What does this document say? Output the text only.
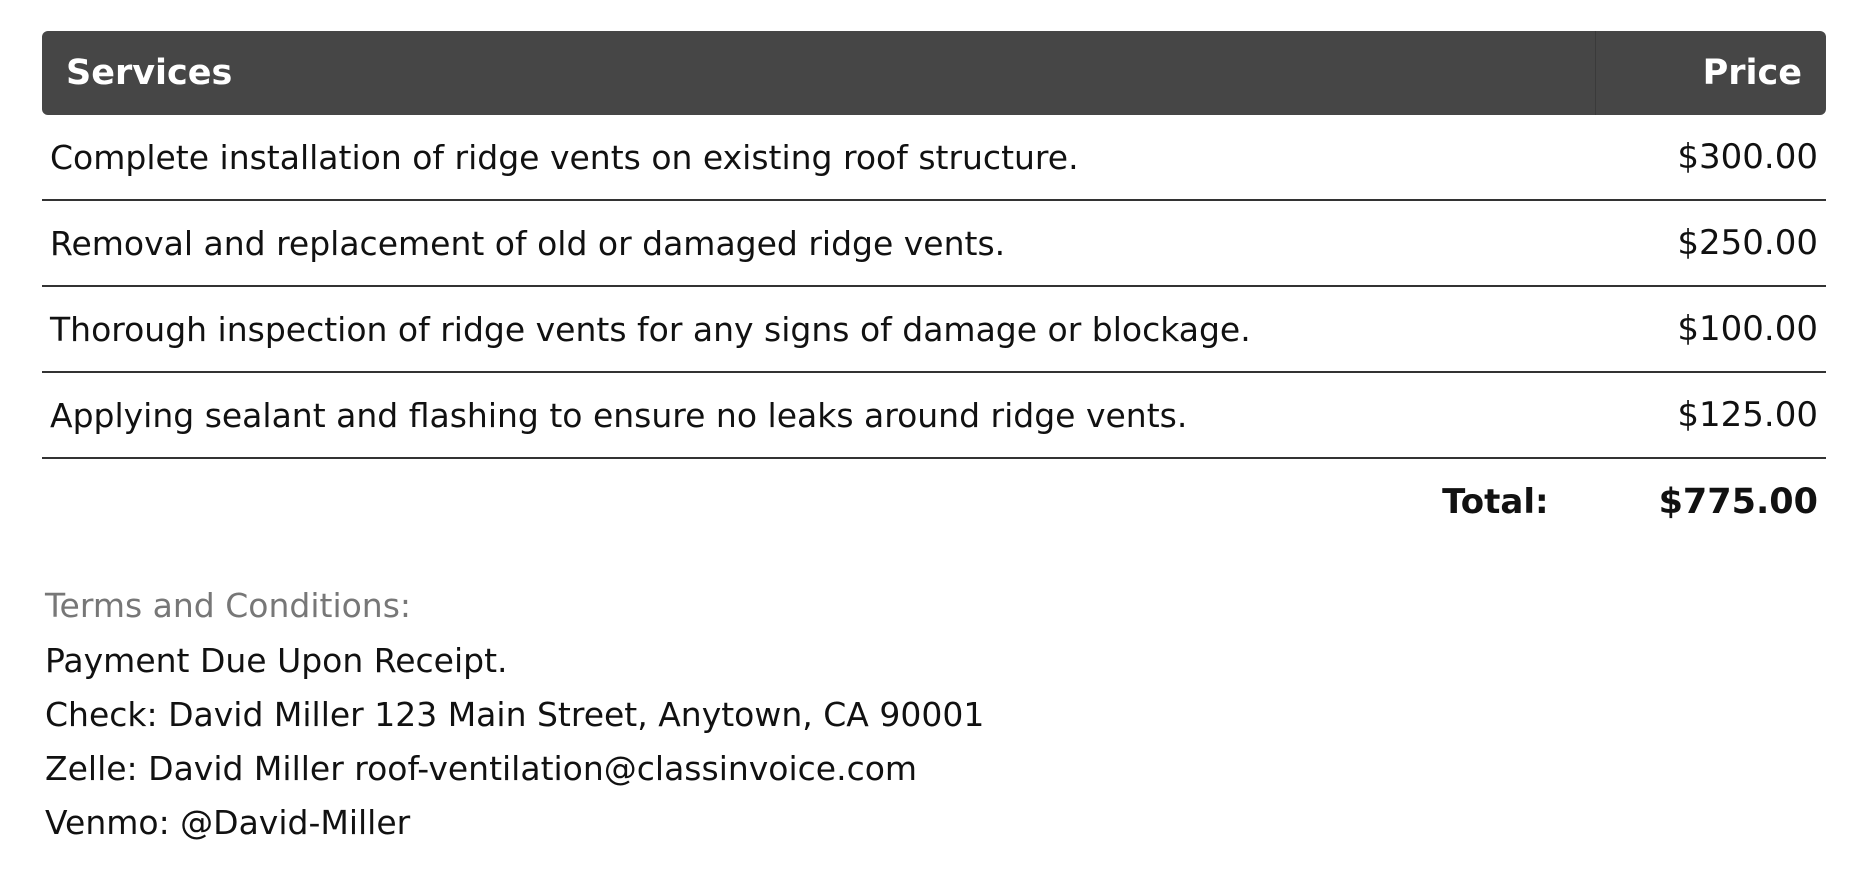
Services	Price
Complete installation of ridge vents on existing roof structure.	$300.00
Removal and replacement of old or damaged ridge vents.	$250.00
Thorough inspection of ridge vents for any signs of damage or blockage.	$100.00
Applying sealant and flashing to ensure no leaks around ridge vents.	$125.00
Total:	$775.00

Terms and Conditions:

Payment Due Upon Receipt.

Check: David Miller 123 Main Street, Anytown, CA 90001

Zelle: David Miller roof-ventilation@classinvoice.com

Venmo: @David-Miller
